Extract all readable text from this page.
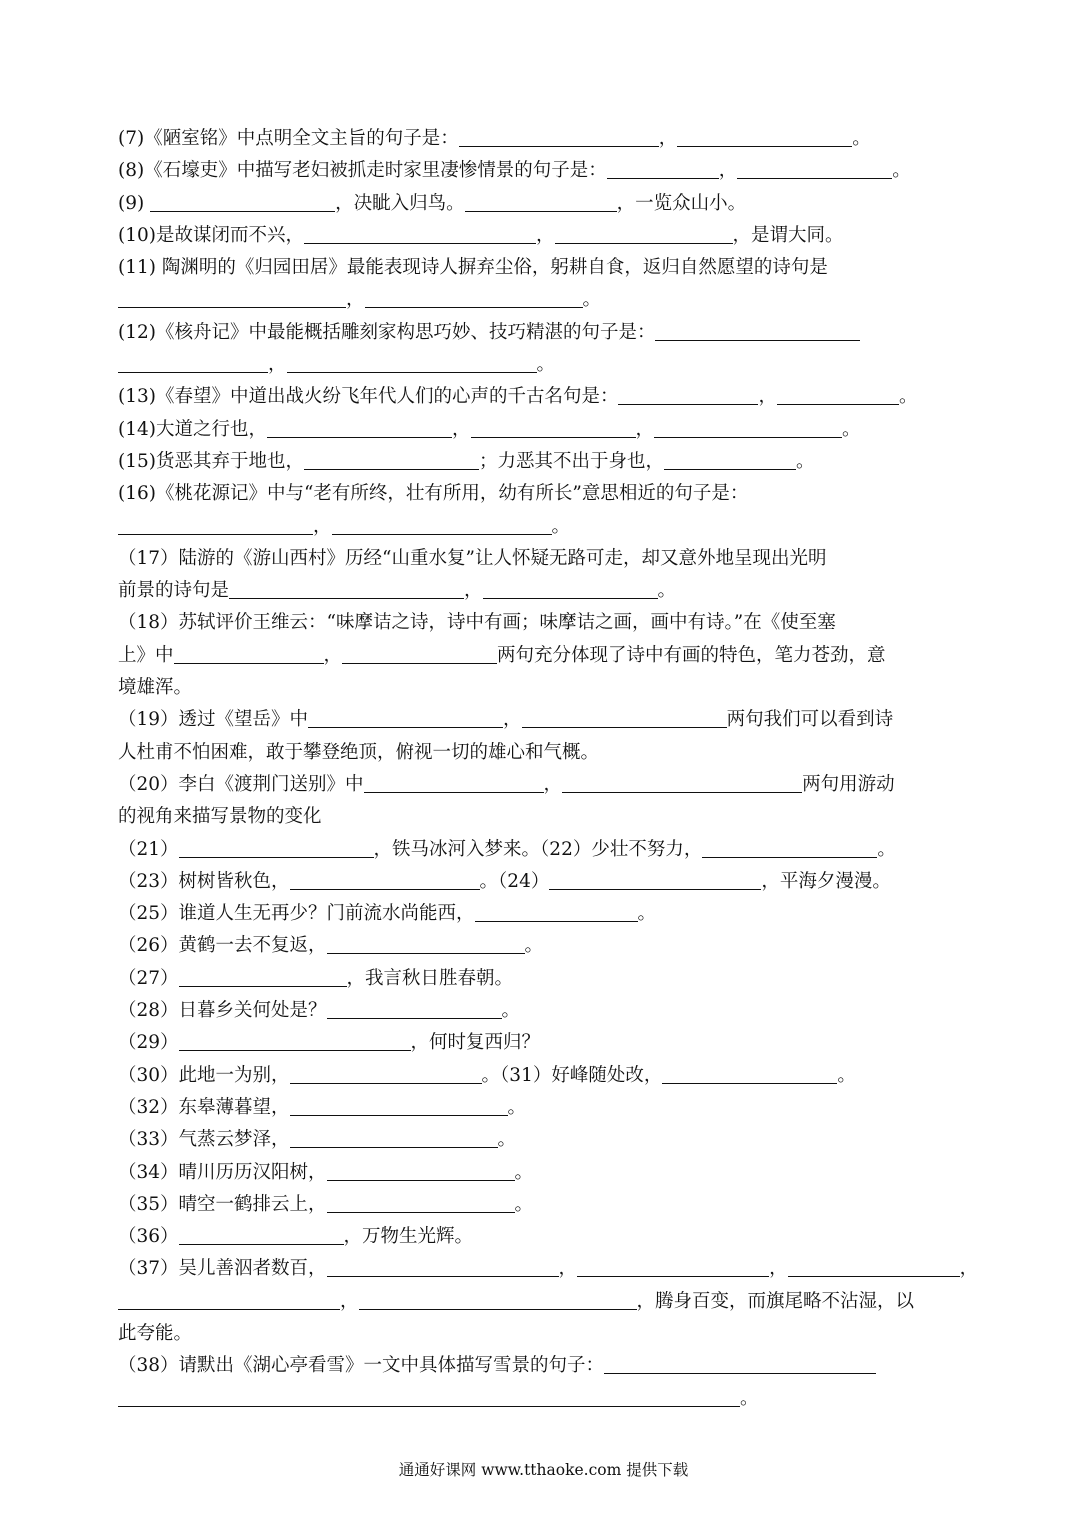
(7)《陋室铭》中点明全文主旨的句子是：	，	。
(8)《石壕吏》中描写老妇被抓走时家里凄惨情景的句子是：	，	。
(9)	，决眦入归鸟。	，一览众山小。
(10)是故谋闭而不兴，	，	，是谓大同。
(11) 陶渊明的《归园田居》最能表现诗人摒弃尘俗，躬耕自食，返归自然愿望的诗句是
，	。
(12)《核舟记》中最能概括雕刻家构思巧妙、技巧精湛的句子是：
，	。
(13)《春望》中道出战火纷飞年代人们的心声的千古名句是：	，	。
(14)大道之行也，	，	，	。
(15)货恶其弃于地也，	；力恶其不出于身也，	。
(16)《桃花源记》中与“老有所终，壮有所用，幼有所长”意思相近的句子是：
，	。
（17）陆游的《游山西村》历经“山重水复”让人怀疑无路可走，却又意外地呈现出光明
前景的诗句是	，	。
（18）苏轼评价王维云：“味摩诘之诗，诗中有画；味摩诘之画，画中有诗。”在《使至塞
上》中	，	两句充分体现了诗中有画的特色，笔力苍劲，意
境雄浑。
（19）透过《望岳》中	，	两句我们可以看到诗
人杜甫不怕困难，敢于攀登绝顶，俯视一切的雄心和气概。
（20）李白《渡荆门送别》中	，	两句用游动
的视角来描写景物的变化
（21）	，铁马冰河入梦来。（22）少壮不努力，	。
（23）树树皆秋色，	。（24）	，平海夕漫漫。
（25）谁道人生无再少？门前流水尚能西，	。
（26）黄鹤一去不复返，	。
（27）	，我言秋日胜春朝。
（28）日暮乡关何处是？	。
（29）	，何时复西归？
（30）此地一为别，	。（31）好峰随处改，	。
（32）东皋薄暮望，	。
（33）气蒸云梦泽，	。
（34）晴川历历汉阳树，	。
（35）晴空一鹤排云上，	。
（36）	，万物生光辉。
（37）吴儿善泅者数百，	，	，	，
，	，腾身百变，而旗尾略不沾湿，以
此夸能。
（38）请默出《湖心亭看雪》一文中具体描写雪景的句子：
。
通通好课网 www.tthaoke.com 提供下载
